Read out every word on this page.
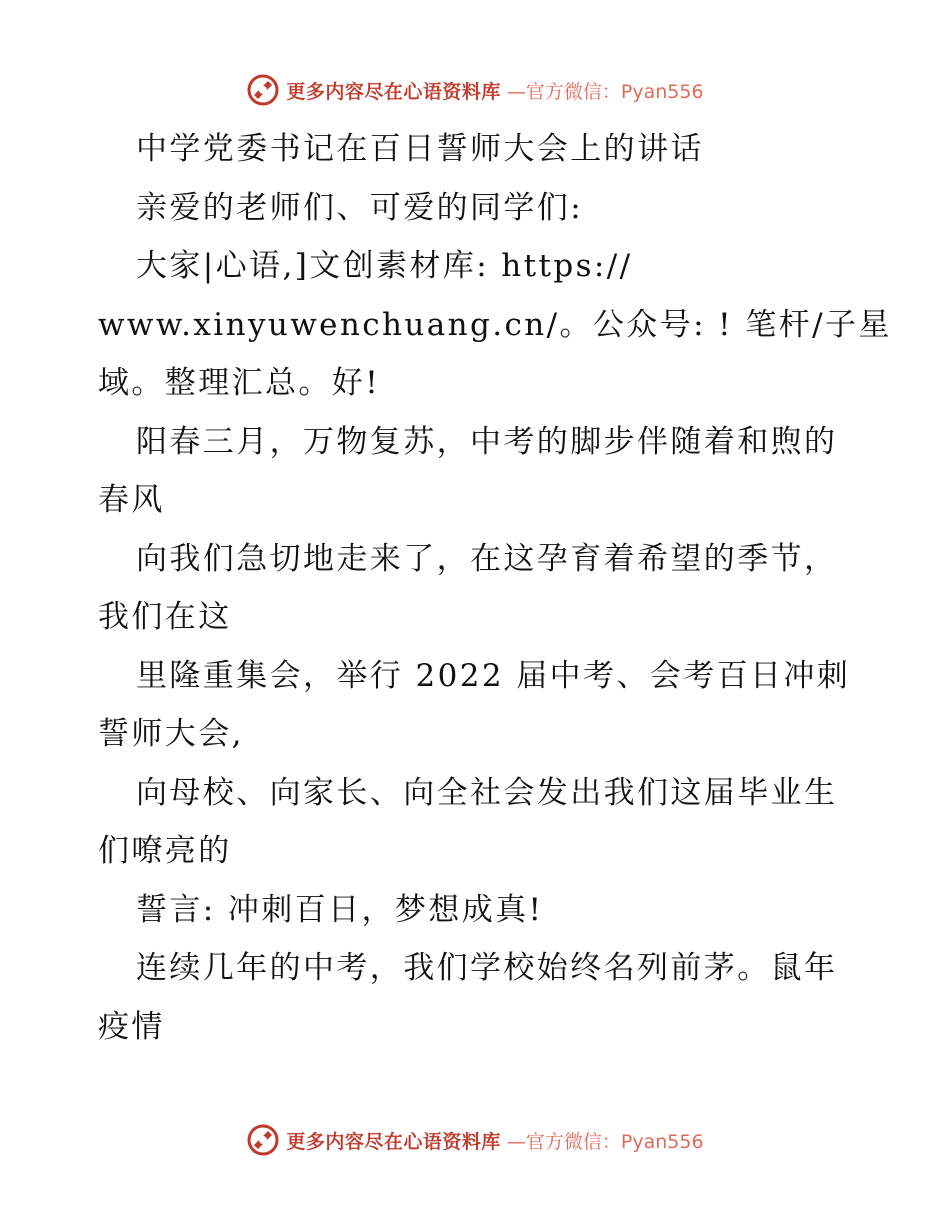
更多内容尽在心语资料库 —官方微信：Pyan556
中学党委书记在百日誓师大会上的讲话
亲爱的老师们、可爱的同学们:
大家|心语,]文创素材库: https://
www.xinyuwenchuang.cn/。公众号: ! 笔杆/子星
域。整理汇总。好!
阳春三月，万物复苏，中考的脚步伴随着和煦的
春风
向我们急切地走来了，在这孕育着希望的季节，
我们在这
里隆重集会，举行 2022 届中考、会考百日冲刺
誓师大会,
向母校、向家长、向全社会发出我们这届毕业生
们嘹亮的
誓言: 冲刺百日，梦想成真!
连续几年的中考，我们学校始终名列前茅。鼠年
疫情
更多内容尽在心语资料库 —官方微信：Pyan556
